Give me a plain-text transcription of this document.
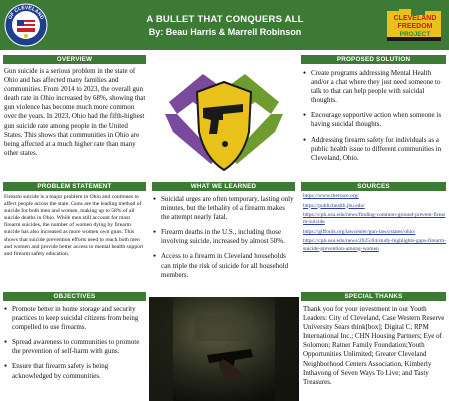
OF CLEVELAND	A BULLET THAT CONQUERS ALL
By: Beau Harris & Marrell Robinson
CLEVELAND
FREEDOM
PROJECT
OVERVIEW
Gun suicide is a serious problem in the state of Ohio and has affected many families and communities. From 2014 to 2023, the overall gun death rate in Ohio increased by 68%, showing that gun violence has become much more common over the years. In 2023, Ohio had the fifth-highest gun suicide rate among people in the United States. This shows that communities in Ohio are being affected at a much higher rate than many other states.
PROPOSED SOLUTION
● Create programs addressing Mental Health and/or a chat where they just need someone to talk to that can help people with suicidal thoughts.
● Encourage supportive action when someone is having suicidal thoughts.
● Addressing firearm safety for individuals as a public health issue to different communities in Cleveland, Ohio.
PROBLEM STATEMENT
Firearm suicide is a major problem in Ohio and continues to affect people across the state. Guns are the leading method of suicide for both men and women, making up to 58% of all suicide deaths in Ohio. While men still account for most firearm suicides, the number of women dying by firearm suicide has also increased as more women own guns. This shows that suicide prevention efforts need to reach both men and women and provide better access to mental health support and firearm safety education.
WHAT WE LEARNED
● Suicidal urges are often temporary, lasting only minutes, but the lethality of a firearm makes the attempt nearly fatal.
● Firearm deaths in the U.S., including those involving suicide, increased by almost 50%.
● Access to a firearm in Cleveland households can triple the risk of suicide for all household members.
SOURCES
https://www.thetrace.org/
https://publichealth.jhu.edu/
https://cph.osu.edu/news/finding-common-ground-prevent-firearm-suicide
https://giffords.org/lawcenter/gun-laws/states/ohio/
https://cph.osu.edu/news/2025/04/study-highlights-gaps-firearm-suicide-prevention-among-women
OBJECTIVES
● Promote better in home storage and security practices to keep suicidal citizens from being compelled to use firearms.
● Spread awareness to communities to promote the prevention of self-harm with guns.
● Ensure that firearm safety is being acknowledged by communities.
SPECIAL THANKS
Thank you for your investment in our Youth Leaders: City of Cleveland, Case Western Reserve University Sears think[box]; Digital C; RPM International Inc.; CHN Housing Partners; Eye of Solomon; Ratner Family Foundation;Youth Opportunities Unlimited; Greater Cleveland Neighborhood Centers Association, Kimberly Inthavong of Seven Ways To Live; and Tasty Treasures.
